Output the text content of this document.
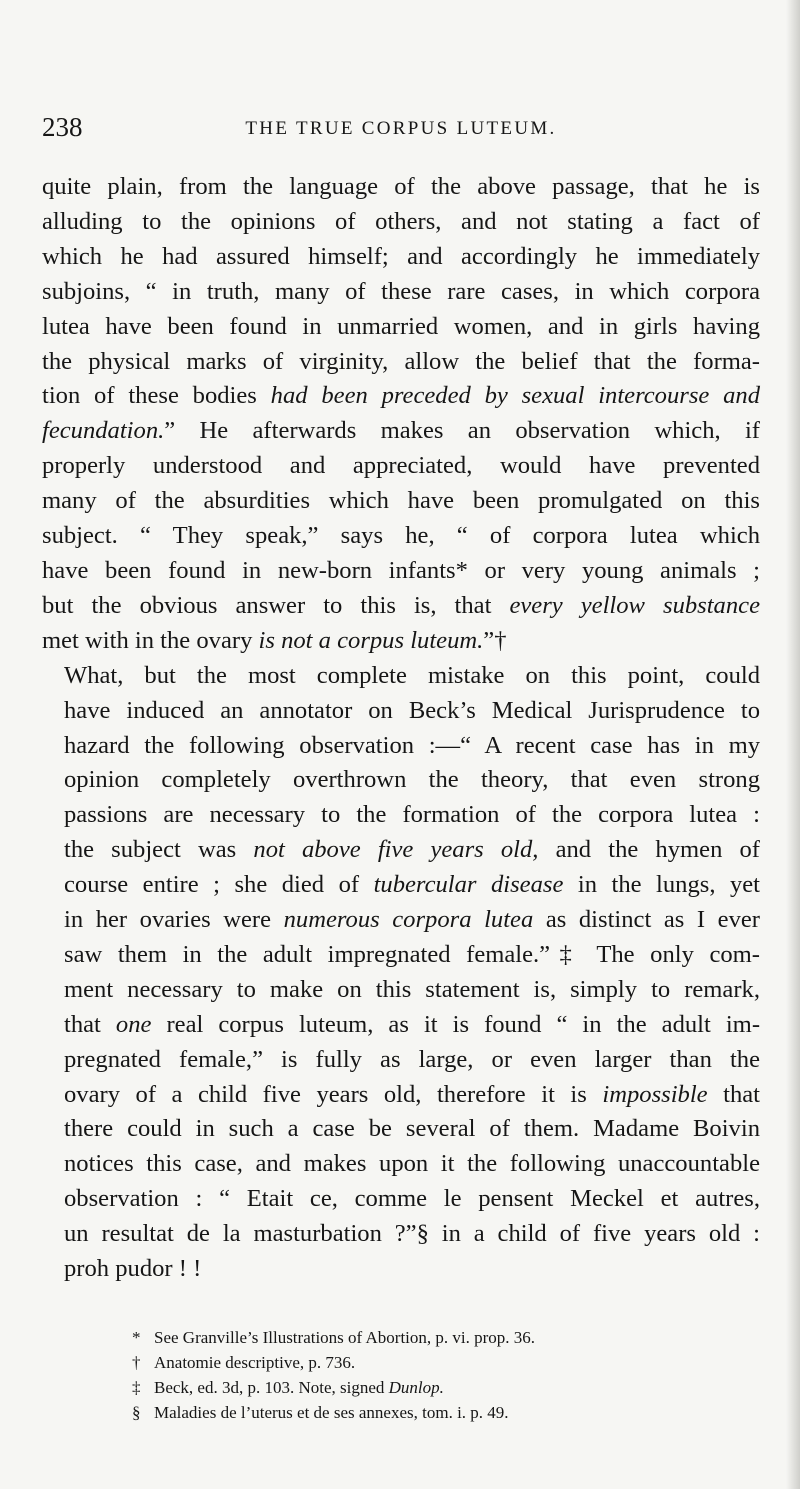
238	THE TRUE CORPUS LUTEUM.
quite plain, from the language of the above passage, that he is
alluding to the opinions of others, and not stating a fact of
which he had assured himself; and accordingly he immediately
subjoins, “ in truth, many of these rare cases, in which corpora
lutea have been found in unmarried women, and in girls having
the physical marks of virginity, allow the belief that the forma-
tion of these bodies had been preceded by sexual intercourse and
fecundation.” He afterwards makes an observation which, if
properly understood and appreciated, would have prevented
many of the absurdities which have been promulgated on this
subject. “ They speak,” says he, “ of corpora lutea which
have been found in new-born infants* or very young animals ;
but the obvious answer to this is, that every yellow substance
met with in the ovary is not a corpus luteum.”†
What, but the most complete mistake on this point, could
have induced an annotator on Beck’s Medical Jurisprudence to
hazard the following observation :—“ A recent case has in my
opinion completely overthrown the theory, that even strong
passions are necessary to the formation of the corpora lutea :
the subject was not above five years old, and the hymen of
course entire ; she died of tubercular disease in the lungs, yet
in her ovaries were numerous corpora lutea as distinct as I ever
saw them in the adult impregnated female.”‡ The only com-
ment necessary to make on this statement is, simply to remark,
that one real corpus luteum, as it is found “ in the adult im-
pregnated female,” is fully as large, or even larger than the
ovary of a child five years old, therefore it is impossible that
there could in such a case be several of them. Madame Boivin
notices this case, and makes upon it the following unaccountable
observation : “ Etait ce, comme le pensent Meckel et autres,
un resultat de la masturbation ?”§ in a child of five years old :
proh pudor ! !
* See Granville’s Illustrations of Abortion, p. vi. prop. 36.
† Anatomie descriptive, p. 736.
‡ Beck, ed. 3d, p. 103. Note, signed Dunlop.
§ Maladies de l’uterus et de ses annexes, tom. i. p. 49.
